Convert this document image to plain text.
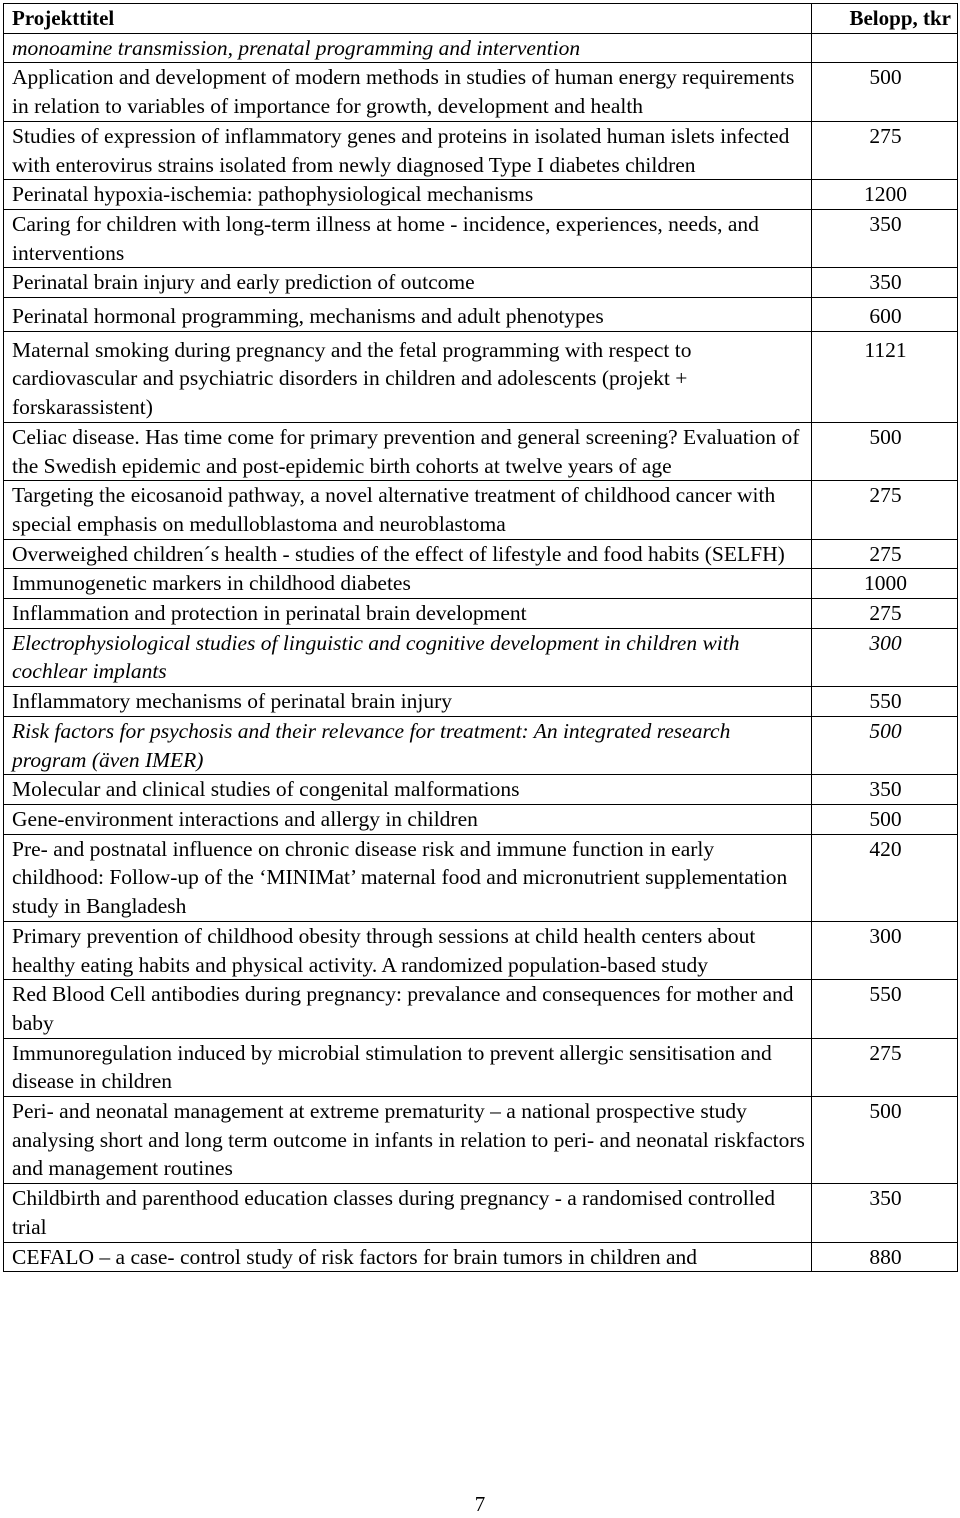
Projekttitel	Belopp, tkr
monoamine transmission, prenatal programming and intervention	
Application and development of modern methods in studies of human energy requirements in relation to variables of importance for growth, development and health	500
Studies of expression of inflammatory genes and proteins in isolated human islets infected with enterovirus strains isolated from newly diagnosed Type I diabetes children	275
Perinatal hypoxia-ischemia: pathophysiological mechanisms	1200
Caring for children with long-term illness at home - incidence, experiences, needs, and interventions	350
Perinatal brain injury and early prediction of outcome	350
Perinatal hormonal programming, mechanisms and adult phenotypes	600
Maternal smoking during pregnancy and the fetal programming with respect to cardiovascular and psychiatric disorders in children and adolescents (projekt + forskarassistent)	1121
Celiac disease. Has time come for primary prevention and general screening? Evaluation of the Swedish epidemic and post-epidemic birth cohorts at twelve years of age	500
Targeting the eicosanoid pathway, a novel alternative treatment of childhood cancer with special emphasis on medulloblastoma and neuroblastoma	275
Overweighed children´s health - studies of the effect of lifestyle and food habits (SELFH)	275
Immunogenetic markers in childhood diabetes	1000
Inflammation and protection in perinatal brain development	275
Electrophysiological studies of linguistic and cognitive development in children with cochlear implants	300
Inflammatory mechanisms of perinatal brain injury	550
Risk factors for psychosis and their relevance for treatment: An integrated research program (även IMER)	500
Molecular and clinical studies of congenital malformations	350
Gene-environment interactions and allergy in children	500
Pre- and postnatal influence on chronic disease risk and immune function in early childhood: Follow-up of the ‘MINIMat’ maternal food and micronutrient supplementation study in Bangladesh	420
Primary prevention of childhood obesity through sessions at child health centers about healthy eating habits and physical activity. A randomized population-based study	300
Red Blood Cell antibodies during pregnancy: prevalance and consequences for mother and baby	550
Immunoregulation induced by microbial stimulation to prevent allergic sensitisation and disease in children	275
Peri- and neonatal management at extreme prematurity – a national prospective study analysing short and long term outcome in infants in relation to peri- and neonatal riskfactors and management routines	500
Childbirth and parenthood education classes during pregnancy - a randomised controlled trial	350
CEFALO – a case- control study of risk factors for brain tumors in children and	880
7
